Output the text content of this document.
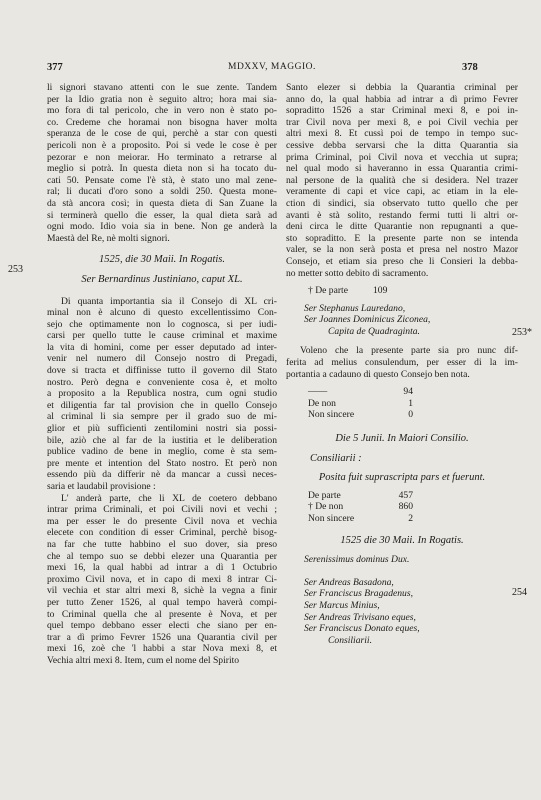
377	MDXXV, MAGGIO.	378
li signori stavano attenti con le sue zente. Tandem
per la Idio gratia non è seguito altro; hora mai sia-
mo fora di tal pericolo, che in vero non è stato po-
co. Credeme che horamai non bisogna haver molta
speranza de le cose de qui, perchè a star con questi
pericoli non è a proposito. Poi si vede le cose è per
pezorar e non meiorar. Ho terminato a retrarse al
meglio si potrà. In questa dieta non si ha tocato du-
cati 50. Pensate come l'è stà, è stato uno mal zene-
ral; li ducati d'oro sono a soldi 250. Questa mone-
da stà ancora così; in questa dieta di San Zuane la
si terminerà quello die esser, la qual dieta sarà ad
ogni modo. Idio voia sia in bene. Non ge anderà la
Maestà del Re, nè molti signori.

1525, die 30 Maii. In Rogatis.

Ser Bernardinus Justiniano, caput XL.

Di quanta importantia sia il Consejo di XL cri-
minal non è alcuno di questo excellentissimo Con-
sejo che optimamente non lo cognosca, si per iudi-
carsi per quello tutte le cause criminal et maxime
la vita di homini, come per esser deputado ad inter-
venir nel numero dil Consejo nostro di Pregadi,
dove si tracta et diffinisse tutto il governo dil Stato
nostro. Però degna e conveniente cosa è, et molto
a proposito a la Republica nostra, cum ogni studio
et diligentia far tal provision che in quello Consejo
al criminal li sia sempre per il grado suo de mi-
glior et più sufficienti zentilomini nostri sia possi-
bile, aziò che al far de la iustitia et le deliberation
publice vadino de bene in meglio, come è sta sem-
pre mente et intention del Stato nostro. Et però non
essendo più da differir nè da mancar a cussì neces-
saria et laudabil provisione :
L' anderà parte, che li XL de coetero debbano
intrar prima Criminali, et poi Civili novi et vechi ;
ma per esser le do presente Civil nova et vechia
elecete con condition di esser Criminal, perchè bisog-
na far che tutte habbino el suo dover, sia preso
che al tempo suo se debbi elezer una Quarantia per
mexi 16, la qual habbi ad intrar a dì 1 Octubrio
proximo Civil nova, et in capo di mexi 8 intrar Ci-
vil vechia et star altri mexi 8, sichè la vegna a finir
per tutto Zener 1526, al qual tempo haverà compi-
to Criminal quella che al presente è Nova, et per
quel tempo debbano esser electi che siano per en-
trar a dì primo Fevrer 1526 una Quarantia civil per
mexi 16, zoè che 'l habbi a star Nova mexi 8, et
Vechia altri mexi 8. Item, cum el nome del Spirito
253
Santo elezer si debbia la Quarantia criminal per
anno do, la qual habbia ad intrar a dì primo Fevrer
sopraditto 1526 a star Criminal mexi 8, e poi in-
trar Civil nova per mexi 8, e poi Civil vechia per
altri mexi 8. Et cussì poi de tempo in tempo suc-
cessive debba servarsi che la ditta Quarantia sia
prima Criminal, poi Civil nova et vecchia ut supra;
nel qual modo si haveranno in essa Quarantia crimi-
nal persone de la qualità che si desidera. Nel trazer
veramente di capi et vice capi, ac etiam in la ele-
ction di sindici, sia observato tutto quello che per
avanti è stà solito, restando fermi tutti li altri or-
deni circa le ditte Quarantie non repugnanti a que-
sto sopraditto. E la presente parte non se intenda
valer, se la non serà posta et presa nel nostro Mazor
Consejo, et etiam sia preso che li Consieri la debba-
no metter sotto debito di sacramento.
† De parte	109

Ser Stephanus Lauredano,

Ser Joannes Dominicus Ziconea,

Capita de Quadraginta.

Voleno che la presente parte sia pro nunc dif-
ferita ad melius consulendum, per esser di la im-
portantia a cadauno di questo Consejo ben nota.
——	94
De non	1
Non sincere	0

Die 5 Junii. In Maiori Consilio.

Consiliarii :

Posita fuit suprascripta pars et fuerunt.

De parte	457
† De non	860
Non sincere	2

1525 die 30 Maii. In Rogatis.

Serenissimus dominus Dux.

Ser Andreas Basadona,

Ser Franciscus Bragadenus,

Ser Marcus Minius,

Ser Andreas Trivisano eques,

Ser Franciscus Donato eques,

Consiliarii.

253*
254
